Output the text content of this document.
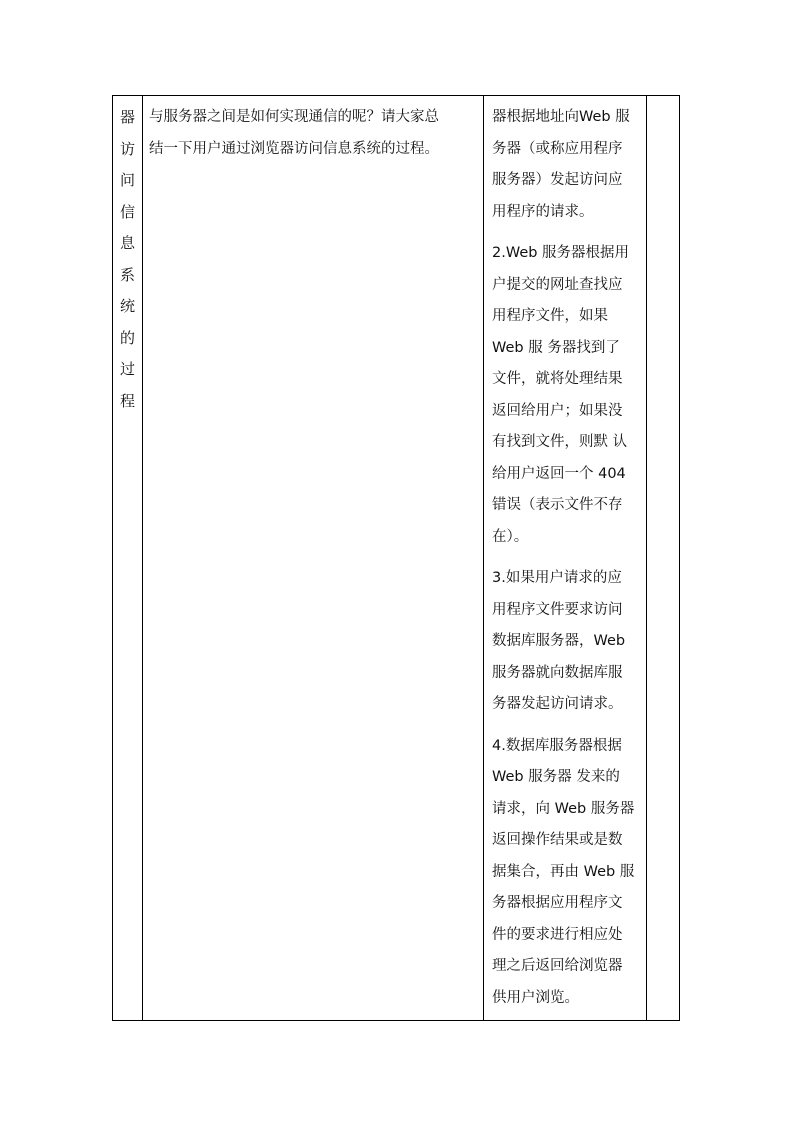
器
访
问
信
息
系
统
的
过
程
与服务器之间是如何实现通信的呢？请大家总
结一下用户通过浏览器访问信息系统的过程。
器根据地址向Web 服
务器（或称应用程序
服务器）发起访问应
用程序的请求。
2.Web 服务器根据用
户提交的网址查找应
用程序文件，如果
Web 服 务器找到了
文件，就将处理结果
返回给用户；如果没
有找到文件，则默 认
给用户返回一个 404
错误（表示文件不存
在）。
3.如果用户请求的应
用程序文件要求访问
数据库服务器，Web
服务器就向数据库服
务器发起访问请求。
4.数据库服务器根据
Web 服务器 发来的
请求，向 Web 服务器
返回操作结果或是数
据集合，再由 Web 服
务器根据应用程序文
件的要求进行相应处
理之后返回给浏览器
供用户浏览。
